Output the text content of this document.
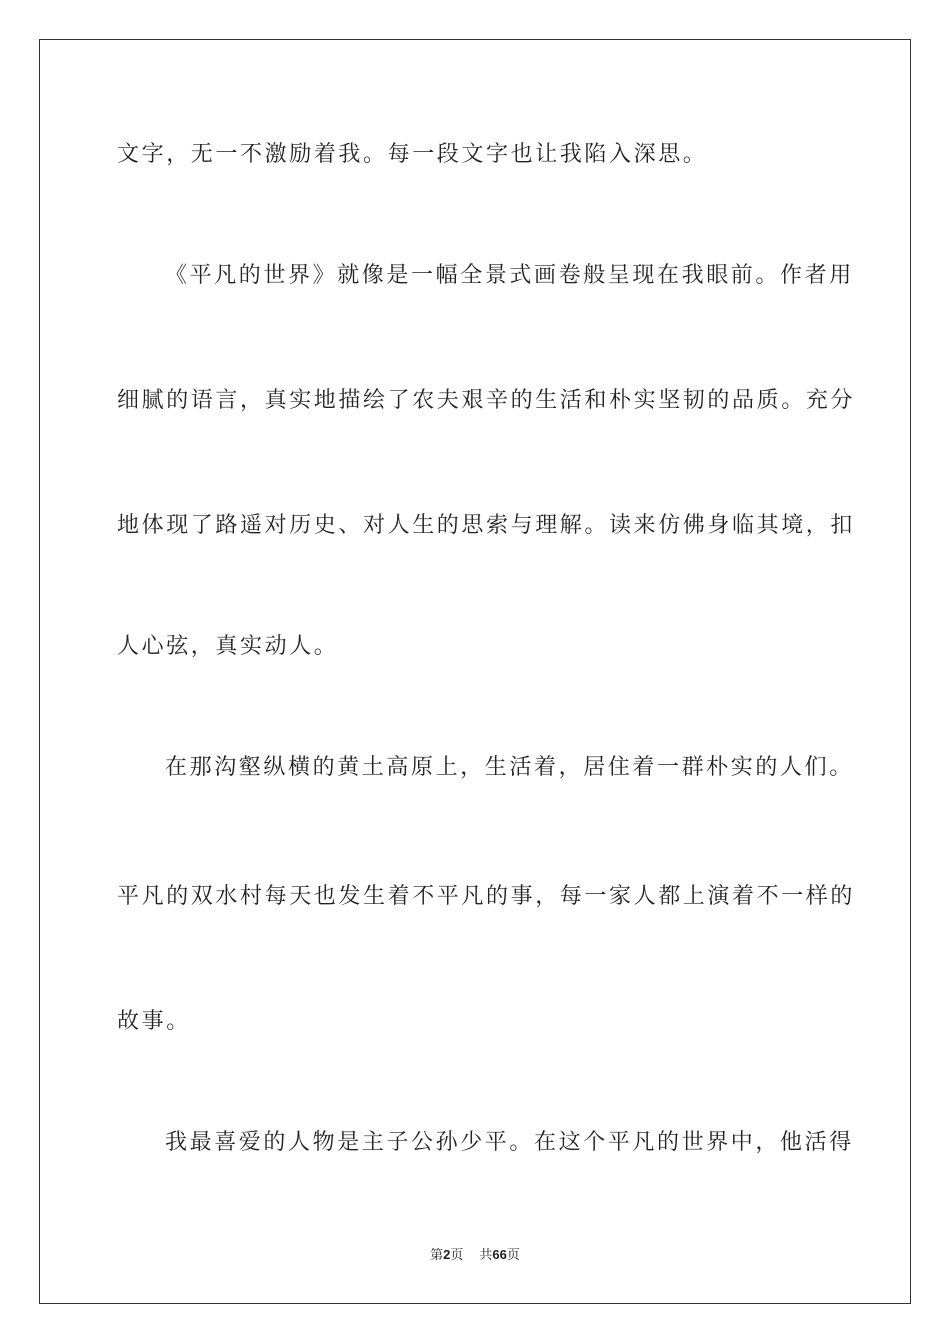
文字，无一不激励着我。每一段文字也让我陷入深思。
《平凡的世界》就像是一幅全景式画卷般呈现在我眼前。作者用
细腻的语言，真实地描绘了农夫艰辛的生活和朴实坚韧的品质。充分
地体现了路遥对历史、对人生的思索与理解。读来仿佛身临其境，扣
人心弦，真实动人。
在那沟壑纵横的黄土高原上，生活着，居住着一群朴实的人们。
平凡的双水村每天也发生着不平凡的事，每一家人都上演着不一样的
故事。
我最喜爱的人物是主子公孙少平。在这个平凡的世界中，他活得
第2页 共66页
